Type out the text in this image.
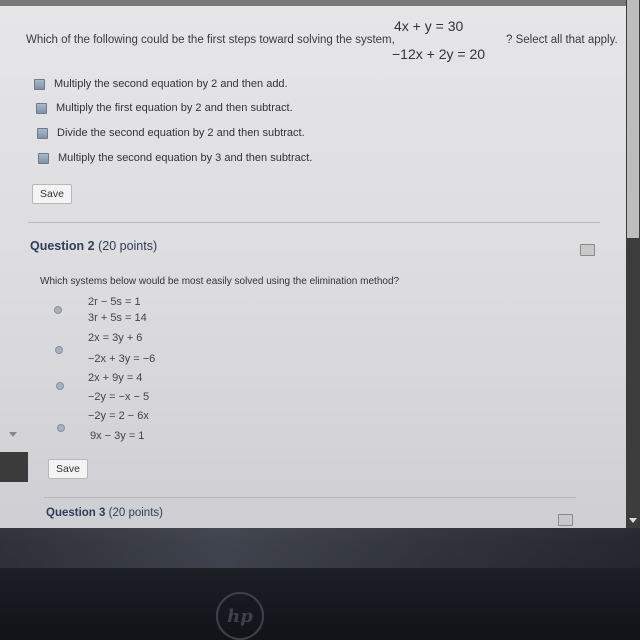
Which of the following could be the first steps toward solving the system,
4x + y = 30
−12x + 2y = 20
? Select all that apply.
Multiply the second equation by 2 and then add.
Multiply the first equation by 2 and then subtract.
Divide the second equation by 2 and then subtract.
Multiply the second equation by 3 and then subtract.
Save
Question 2 (20 points)
Which systems below would be most easily solved using the elimination method?
2r − 5s = 1
3r + 5s = 14
2x = 3y + 6
−2x + 3y = −6
2x + 9y = 4
−2y = −x − 5
−2y = 2 − 6x
9x − 3y = 1
Save
Question 3 (20 points)
hp
